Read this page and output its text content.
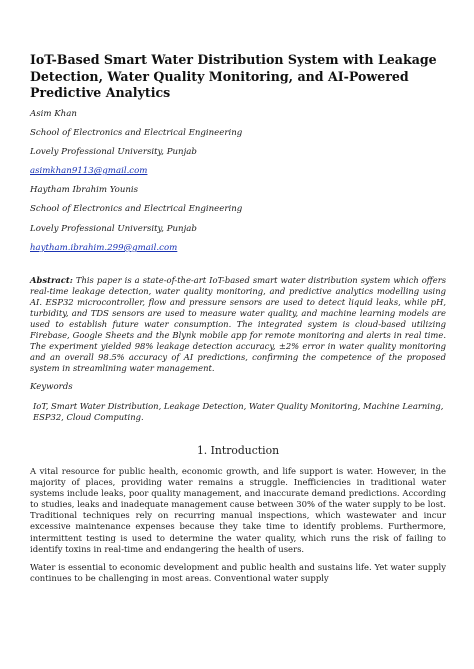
IoT-Based Smart Water Distribution System with Leakage Detection, Water Quality Monitoring, and AI-Powered Predictive Analytics

Asim Khan

School of Electronics and Electrical Engineering

Lovely Professional University, Punjab

asimkhan9113@gmail.com

Haytham Ibrahim Younis

School of Electronics and Electrical Engineering

Lovely Professional University, Punjab

haytham.ibrahim.299@gmail.com

Abstract: This paper is a state-of-the-art IoT-based smart water distribution system which offers real-time leakage detection, water quality monitoring, and predictive analytics modelling using AI. ESP32 microcontroller, flow and pressure sensors are used to detect liquid leaks, while pH, turbidity, and TDS sensors are used to measure water quality, and machine learning models are used to establish future water consumption. The integrated system is cloud-based utilizing Firebase, Google Sheets and the Blynk mobile app for remote monitoring and alerts in real time. The experiment yielded 98% leakage detection accuracy, ±2% error in water quality monitoring and an overall 98.5% accuracy of AI predictions, confirming the competence of the proposed system in streamlining water management.

Keywords
IoT, Smart Water Distribution, Leakage Detection, Water Quality Monitoring, Machine Learning, ESP32, Cloud Computing.
1. Introduction

A vital resource for public health, economic growth, and life support is water. However, in the majority of places, providing water remains a struggle. Inefficiencies in traditional water systems include leaks, poor quality management, and inaccurate demand predictions. According to studies, leaks and inadequate management cause between 30% of the water supply to be lost. Traditional techniques rely on recurring manual inspections, which wastewater and incur excessive maintenance expenses because they take time to identify problems. Furthermore, intermittent testing is used to determine the water quality, which runs the risk of failing to identify toxins in real-time and endangering the health of users.

Water is essential to economic development and public health and sustains life. Yet water supply continues to be challenging in most areas. Conventional water supply
